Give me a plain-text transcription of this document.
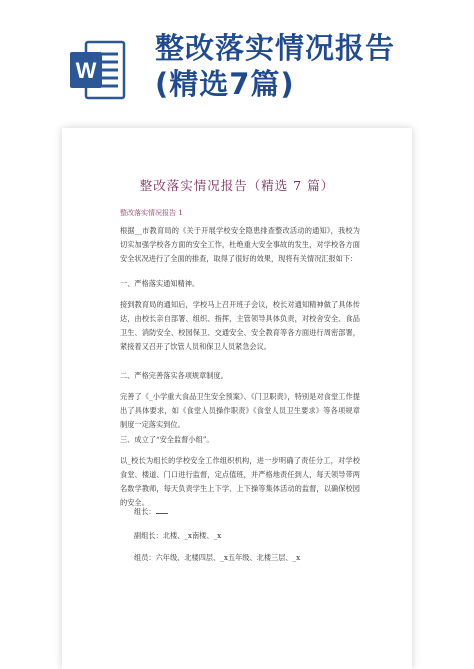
W
整改落实情况报告
(精选7篇)
整改落实情况报告（精选 7 篇）
整改落实情况报告 1

根据__市教育局的《关于开展学校安全隐患排查整改活动的通知》，我校为切实加强学校各方面的安全工作，杜绝重大安全事故的发生，对学校各方面安全状况进行了全面的排查，取得了很好的效果，现将有关情况汇报如下：

一、严格落实通知精神。

接到教育局的通知后，学校马上召开班子会议，校长对通知精神做了具体传达，由校长亲自部署、组织、指挥，主管领导具体负责，对校舍安全、食品卫生、消防安全、校园保卫、交通安全、安全教育等各方面进行周密部署，紧接着又召开了饮管人员和保卫人员紧急会议。

二、严格完善落实各项规章制度。

完善了《_小学重大食品卫生安全预案》、《门卫职责》，特别是对食堂工作提出了具体要求，如《食堂人员操作职责》《食堂人员卫生要求》等各项规章制度一定落实到位。

三、成立了“安全监督小组”。

以_校长为组长的学校安全工作组织机构，进一步明确了责任分工，对学校食堂、楼道、门口进行监督，定点值班，并严格地责任到人，每天领导带两名数学教师，每天负责学生上下学、上下操等集体活动的监督，以确保校园的安全。

组长：
副组长：北楼、_x南楼、_x
组员：六年级、北楼四层、_x五年级、北楼三层、_x
